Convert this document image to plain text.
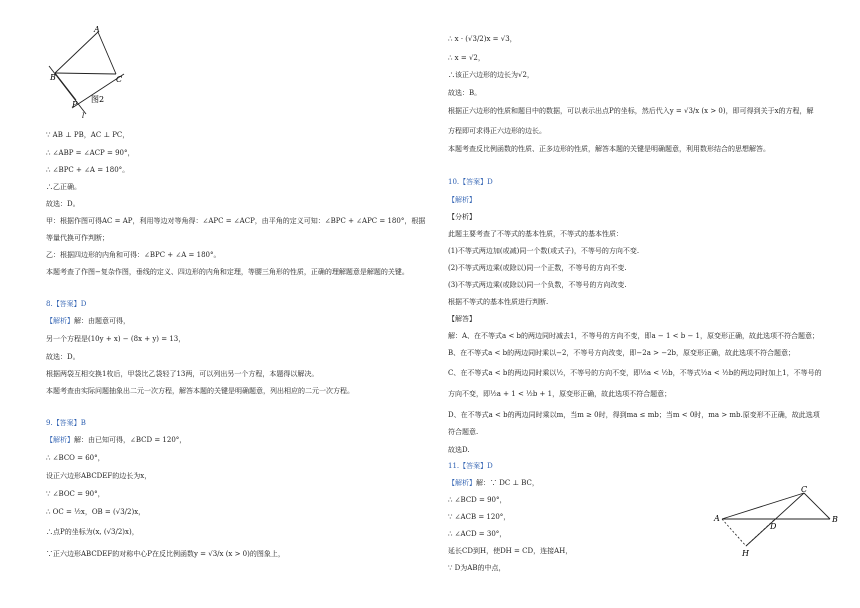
A
B	C
P
l
图2
∵ AB ⊥ PB，AC ⊥ PC，
∴ ∠ABP = ∠ACP = 90°，
∴ ∠BPC + ∠A = 180°。
∴乙正确。
故选：D。
甲：根据作图可得AC = AP，利用等边对等角得：∠APC = ∠ACP，由平角的定义可知：∠BPC + ∠APC = 180°，根据
等量代换可作判断；
乙：根据四边形的内角和可得：∠BPC + ∠A = 180°。
本题考查了作图−复杂作图，垂线的定义、四边形的内角和定理，等腰三角形的性质，正确的理解题意是解题的关键。
8.【答案】D
【解析】解：由题意可得，
另一个方程是(10y + x) − (8x + y) = 13，
故选：D。
根据两袋互相交换1枚后，甲袋比乙袋轻了13两，可以列出另一个方程，本题得以解决。
本题考查由实际问题抽象出二元一次方程，解答本题的关键是明确题意，列出相应的二元一次方程。
9.【答案】B
【解析】解：由已知可得，∠BCD = 120°，
∴ ∠BCO = 60°，
设正六边形ABCDEF的边长为x，
∵ ∠BOC = 90°，
∴ OC = ½x，OB = (√3/2)x，
∴点P的坐标为(x, (√3/2)x)，
∵正六边形ABCDEF的对称中心P在反比例函数y = √3/x (x > 0)的图象上，
∴ x · (√3/2)x = √3，
∴ x = √2，
∴该正六边形的边长为√2，
故选：B。
根据正六边形的性质和题目中的数据，可以表示出点P的坐标，然后代入y = √3/x (x > 0)，即可得到关于x的方程，解
方程即可求得正六边形的边长。
本题考查反比例函数的性质、正多边形的性质，解答本题的关键是明确题意，利用数形结合的思想解答。
10.【答案】D
【解析】
【分析】
此题主要考查了不等式的基本性质，不等式的基本性质：
(1)不等式两边加(或减)同一个数(或式子)，不等号的方向不变.
(2)不等式两边乘(或除以)同一个正数，不等号的方向不变.
(3)不等式两边乘(或除以)同一个负数，不等号的方向改变.
根据不等式的基本性质进行判断.
【解答】
解：A、在不等式a < b的两边同时减去1，不等号的方向不变，即a − 1 < b − 1，原变形正确，故此选项不符合题意；
B、在不等式a < b的两边同时乘以−2，不等号方向改变，即−2a > −2b，原变形正确，故此选项不符合题意；
C、在不等式a < b的两边同时乘以½，不等号的方向不变，即½a < ½b，不等式½a < ½b的两边同时加上1，不等号的
方向不变，即½a + 1 < ½b + 1，原变形正确，故此选项不符合题意；
D、在不等式a < b的两边同时乘以m，当m ≥ 0时，得到ma ≤ mb；当m < 0时，ma > mb.原变形不正确，故此选项
符合题意.
故选D.
11.【答案】D
【解析】解：∵ DC ⊥ BC，
∴ ∠BCD = 90°，
∵ ∠ACB = 120°，
∴ ∠ACD = 30°，
延长CD到H，使DH = CD，连接AH，
∵ D为AB的中点，
A	B
C
D
H
